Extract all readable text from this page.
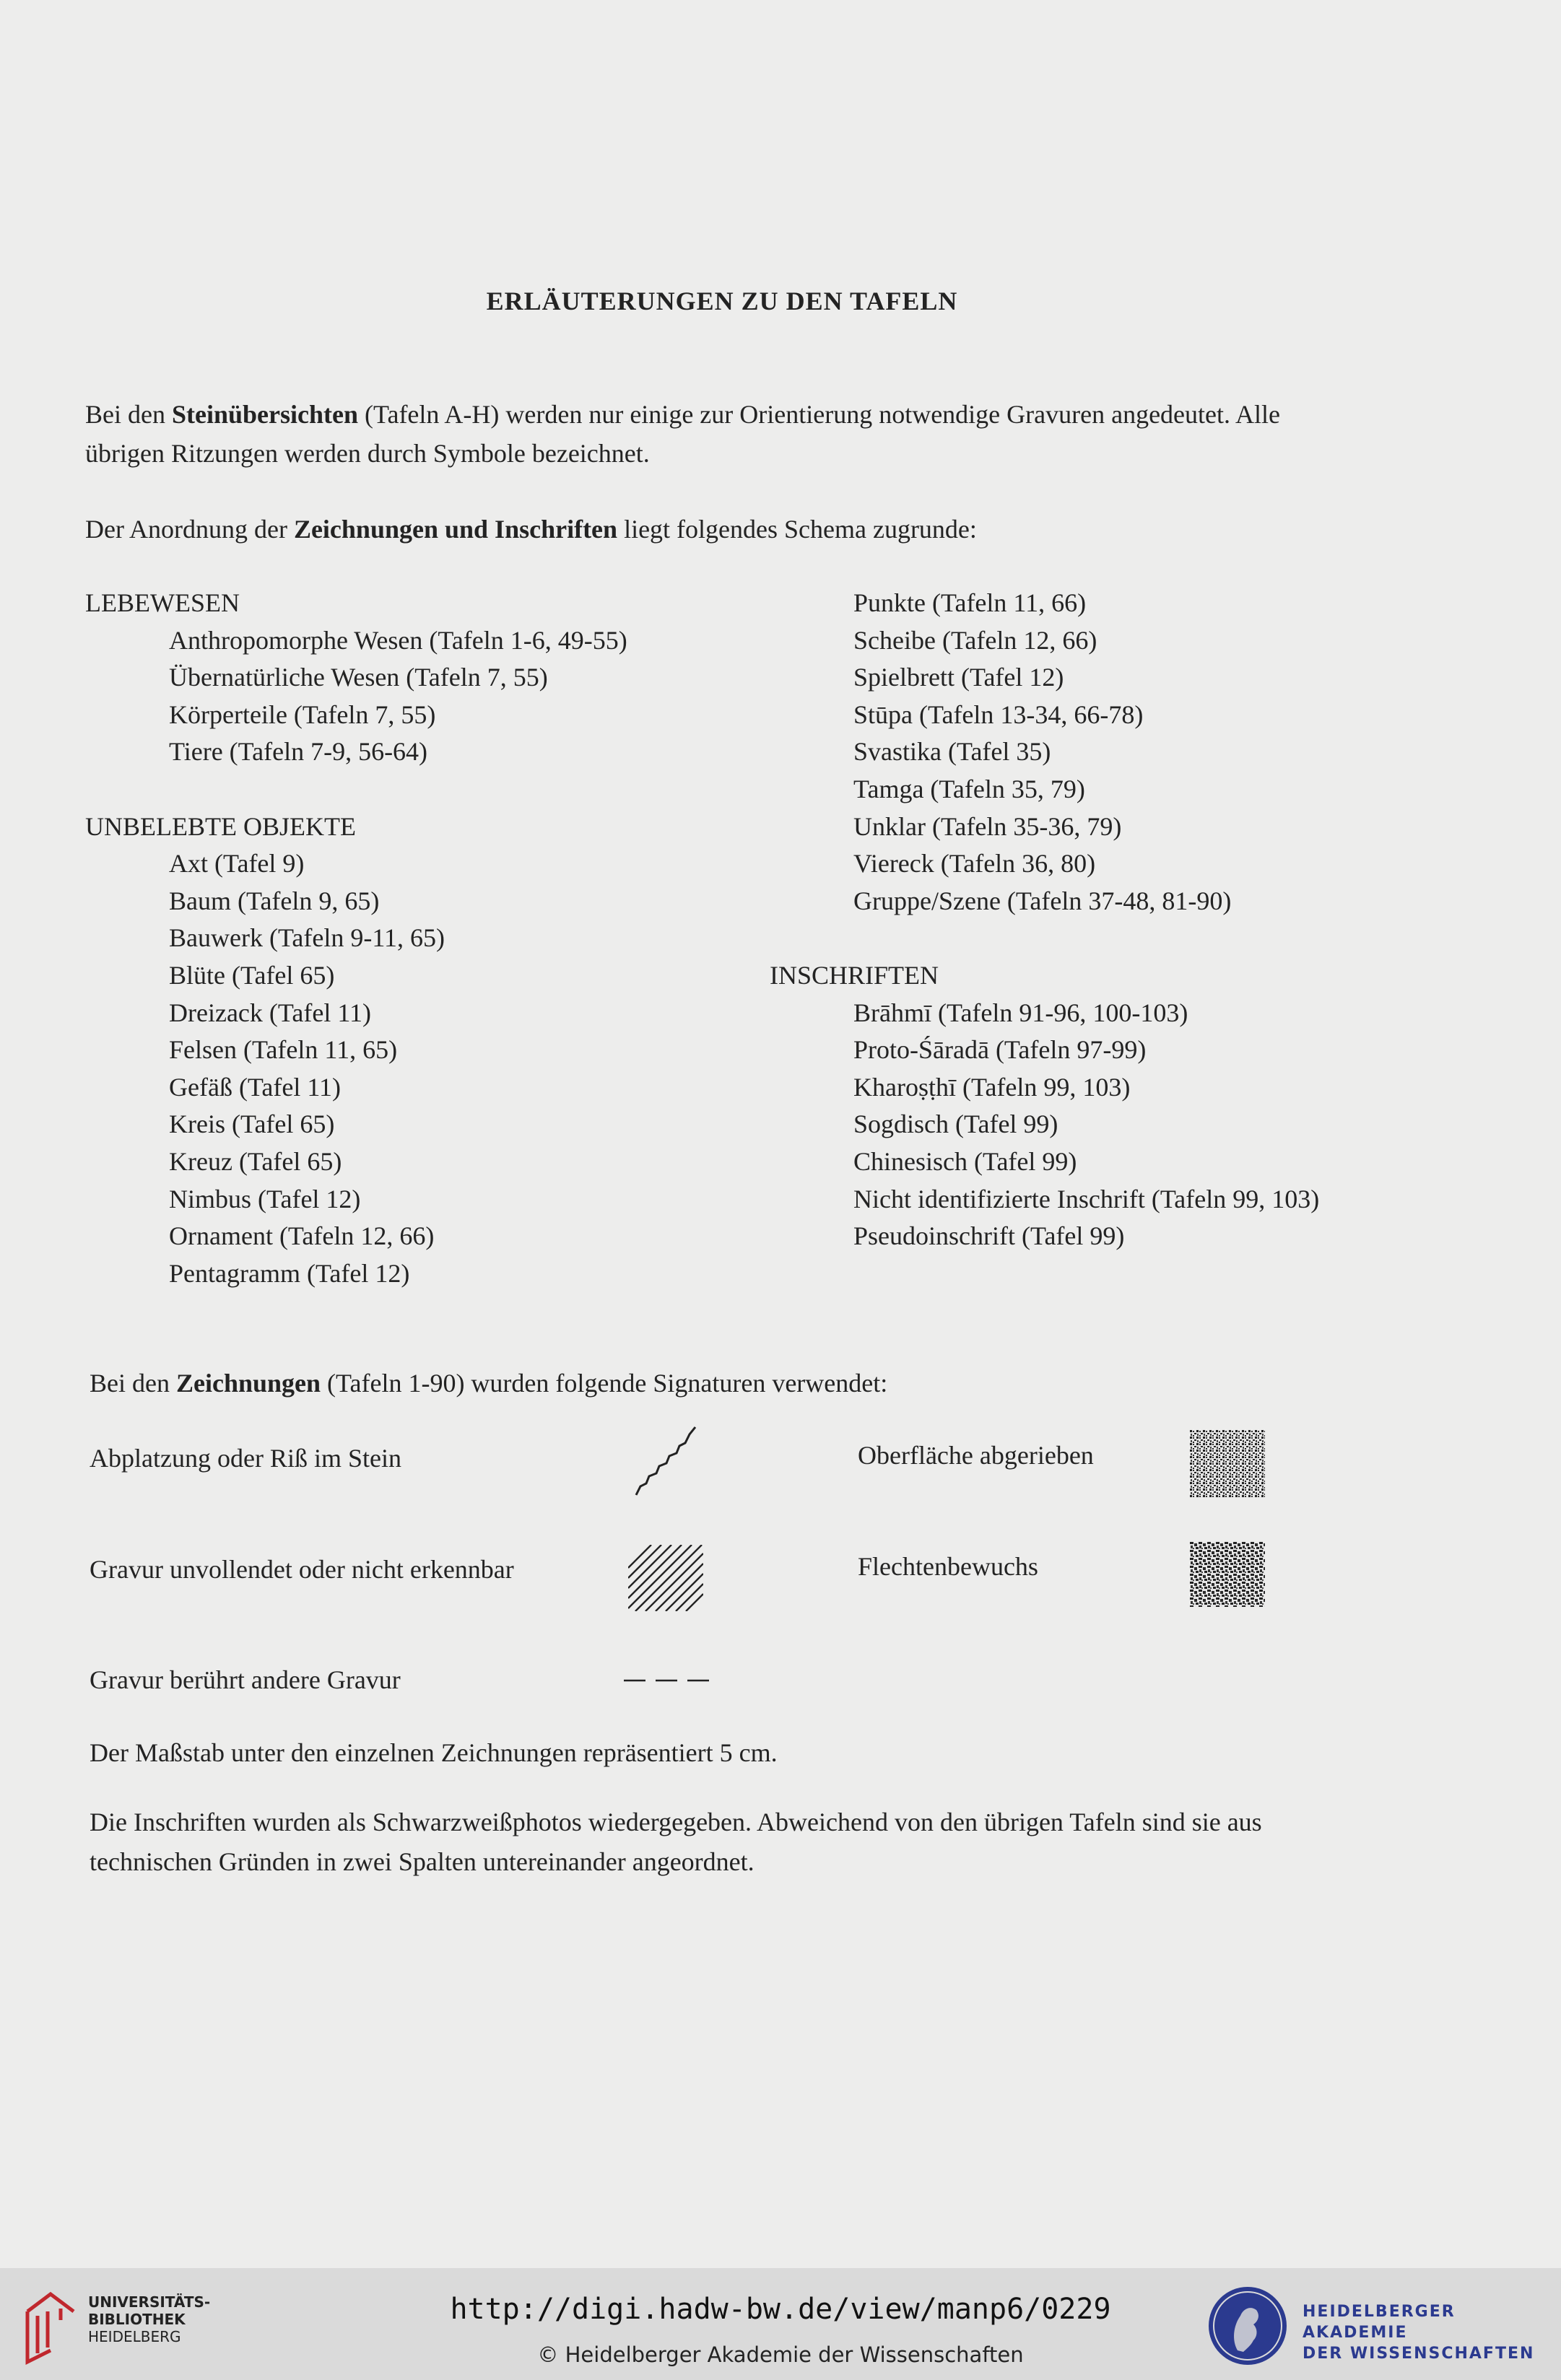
ERLÄUTERUNGEN ZU DEN TAFELN
Bei den Steinübersichten (Tafeln A-H) werden nur einige zur Orientierung notwendige Gravuren angedeutet. Alle
übrigen Ritzungen werden durch Symbole bezeichnet.
Der Anordnung der Zeichnungen und Inschriften liegt folgendes Schema zugrunde:
LEBEWESEN
Anthropomorphe Wesen (Tafeln 1-6, 49-55)
Übernatürliche Wesen (Tafeln 7, 55)
Körperteile (Tafeln 7, 55)
Tiere (Tafeln 7-9, 56-64)
UNBELEBTE OBJEKTE
Axt (Tafel 9)
Baum (Tafeln 9, 65)
Bauwerk (Tafeln 9-11, 65)
Blüte (Tafel 65)
Dreizack (Tafel 11)
Felsen (Tafeln 11, 65)
Gefäß (Tafel 11)
Kreis (Tafel 65)
Kreuz (Tafel 65)
Nimbus (Tafel 12)
Ornament (Tafeln 12, 66)
Pentagramm (Tafel 12)
Punkte (Tafeln 11, 66)
Scheibe (Tafeln 12, 66)
Spielbrett (Tafel 12)
Stūpa (Tafeln 13-34, 66-78)
Svastika (Tafel 35)
Tamga (Tafeln 35, 79)
Unklar (Tafeln 35-36, 79)
Viereck (Tafeln 36, 80)
Gruppe/Szene (Tafeln 37-48, 81-90)
INSCHRIFTEN
Brāhmī (Tafeln 91-96, 100-103)
Proto-Śāradā (Tafeln 97-99)
Kharoṣṭhī (Tafeln 99, 103)
Sogdisch (Tafel 99)
Chinesisch (Tafel 99)
Nicht identifizierte Inschrift (Tafeln 99, 103)
Pseudoinschrift (Tafel 99)
Bei den Zeichnungen (Tafeln 1-90) wurden folgende Signaturen verwendet:
Abplatzung oder Riß im Stein	Oberfläche abgerieben
Gravur unvollendet oder nicht erkennbar	Flechtenbewuchs
Gravur berührt andere Gravur
Der Maßstab unter den einzelnen Zeichnungen repräsentiert 5 cm.
Die Inschriften wurden als Schwarzweißphotos wiedergegeben. Abweichend von den übrigen Tafeln sind sie aus
technischen Gründen in zwei Spalten untereinander angeordnet.
UNIVERSITÄTS-
BIBLIOTHEK
HEIDELBERG
http://digi.hadw-bw.de/view/manp6/0229
© Heidelberger Akademie der Wissenschaften
HEIDELBERGER AKADEMIE
DER WISSENSCHAFTEN
